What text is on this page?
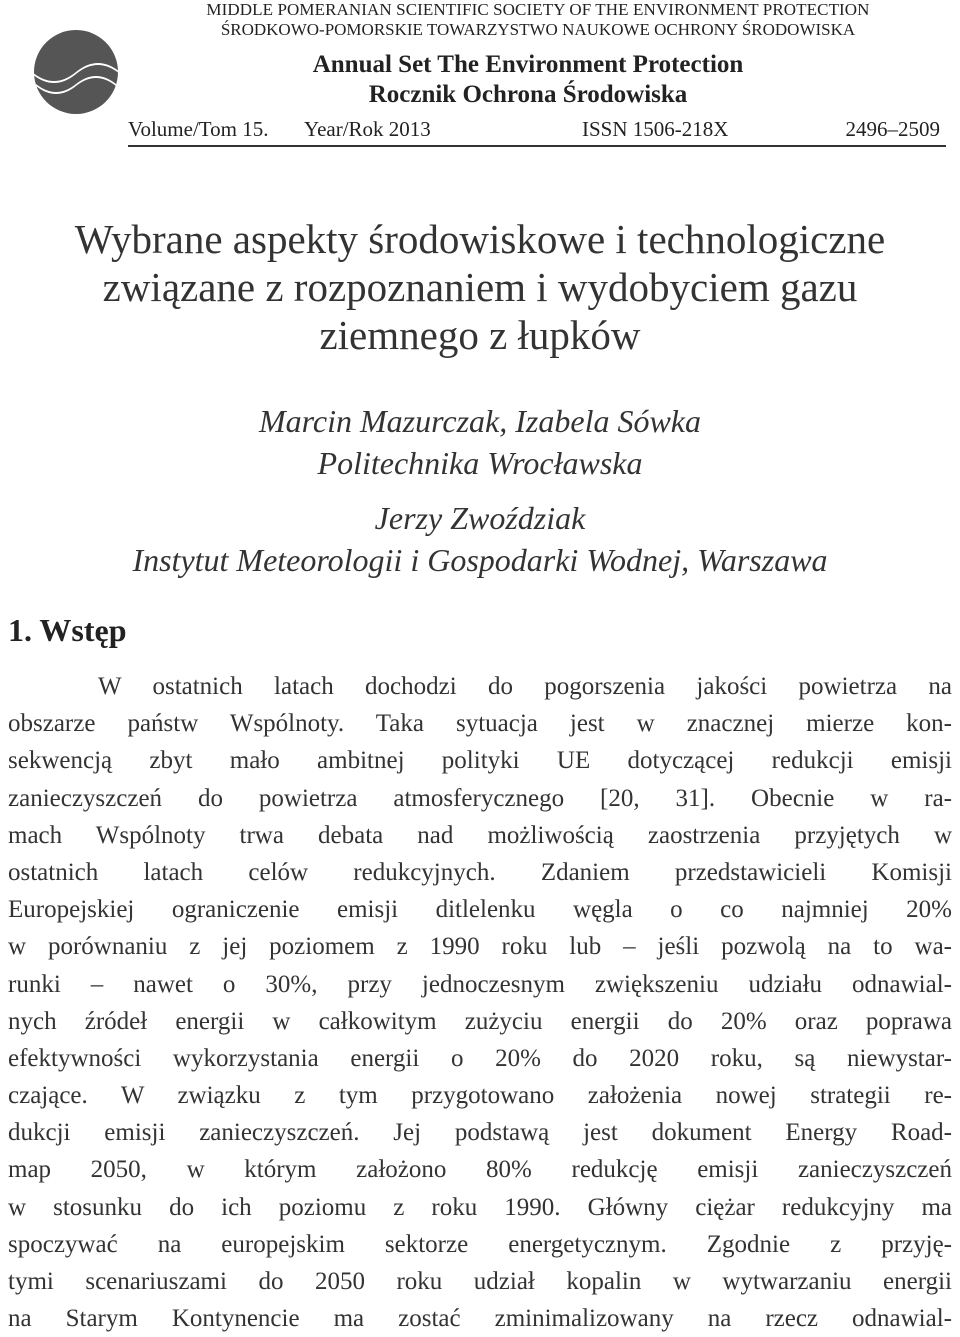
MIDDLE POMERANIAN SCIENTIFIC SOCIETY OF THE ENVIRONMENT PROTECTION
ŚRODKOWO-POMORSKIE TOWARZYSTWO NAUKOWE OCHRONY ŚRODOWISKA
Annual Set The Environment Protection
Rocznik Ochrona Środowiska
Volume/Tom 15. Year/Rok 2013	ISSN 1506-218X	2496–2509
Wybrane aspekty środowiskowe i technologiczne
związane z rozpoznaniem i wydobyciem gazu
ziemnego z łupków
Marcin Mazurczak, Izabela Sówka
Politechnika Wrocławska
Jerzy Zwoździak
Instytut Meteorologii i Gospodarki Wodnej, Warszawa
1. Wstęp
W ostatnich latach dochodzi do pogorszenia jakości powietrza na
obszarze państw Wspólnoty. Taka sytuacja jest w znacznej mierze kon-
sekwencją zbyt mało ambitnej polityki UE dotyczącej redukcji emisji
zanieczyszczeń do powietrza atmosferycznego [20, 31]. Obecnie w ra-
mach Wspólnoty trwa debata nad możliwością zaostrzenia przyjętych w
ostatnich latach celów redukcyjnych. Zdaniem przedstawicieli Komisji
Europejskiej ograniczenie emisji ditlelenku węgla o co najmniej 20%
w porównaniu z jej poziomem z 1990 roku lub – jeśli pozwolą na to wa-
runki – nawet o 30%, przy jednoczesnym zwiększeniu udziału odnawial-
nych źródeł energii w całkowitym zużyciu energii do 20% oraz poprawa
efektywności wykorzystania energii o 20% do 2020 roku, są niewystar-
czające. W związku z tym przygotowano założenia nowej strategii re-
dukcji emisji zanieczyszczeń. Jej podstawą jest dokument Energy Road-
map 2050, w którym założono 80% redukcję emisji zanieczyszczeń
w stosunku do ich poziomu z roku 1990. Główny ciężar redukcyjny ma
spoczywać na europejskim sektorze energetycznym. Zgodnie z przyję-
tymi scenariuszami do 2050 roku udział kopalin w wytwarzaniu energii
na Starym Kontynencie ma zostać zminimalizowany na rzecz odnawial-
